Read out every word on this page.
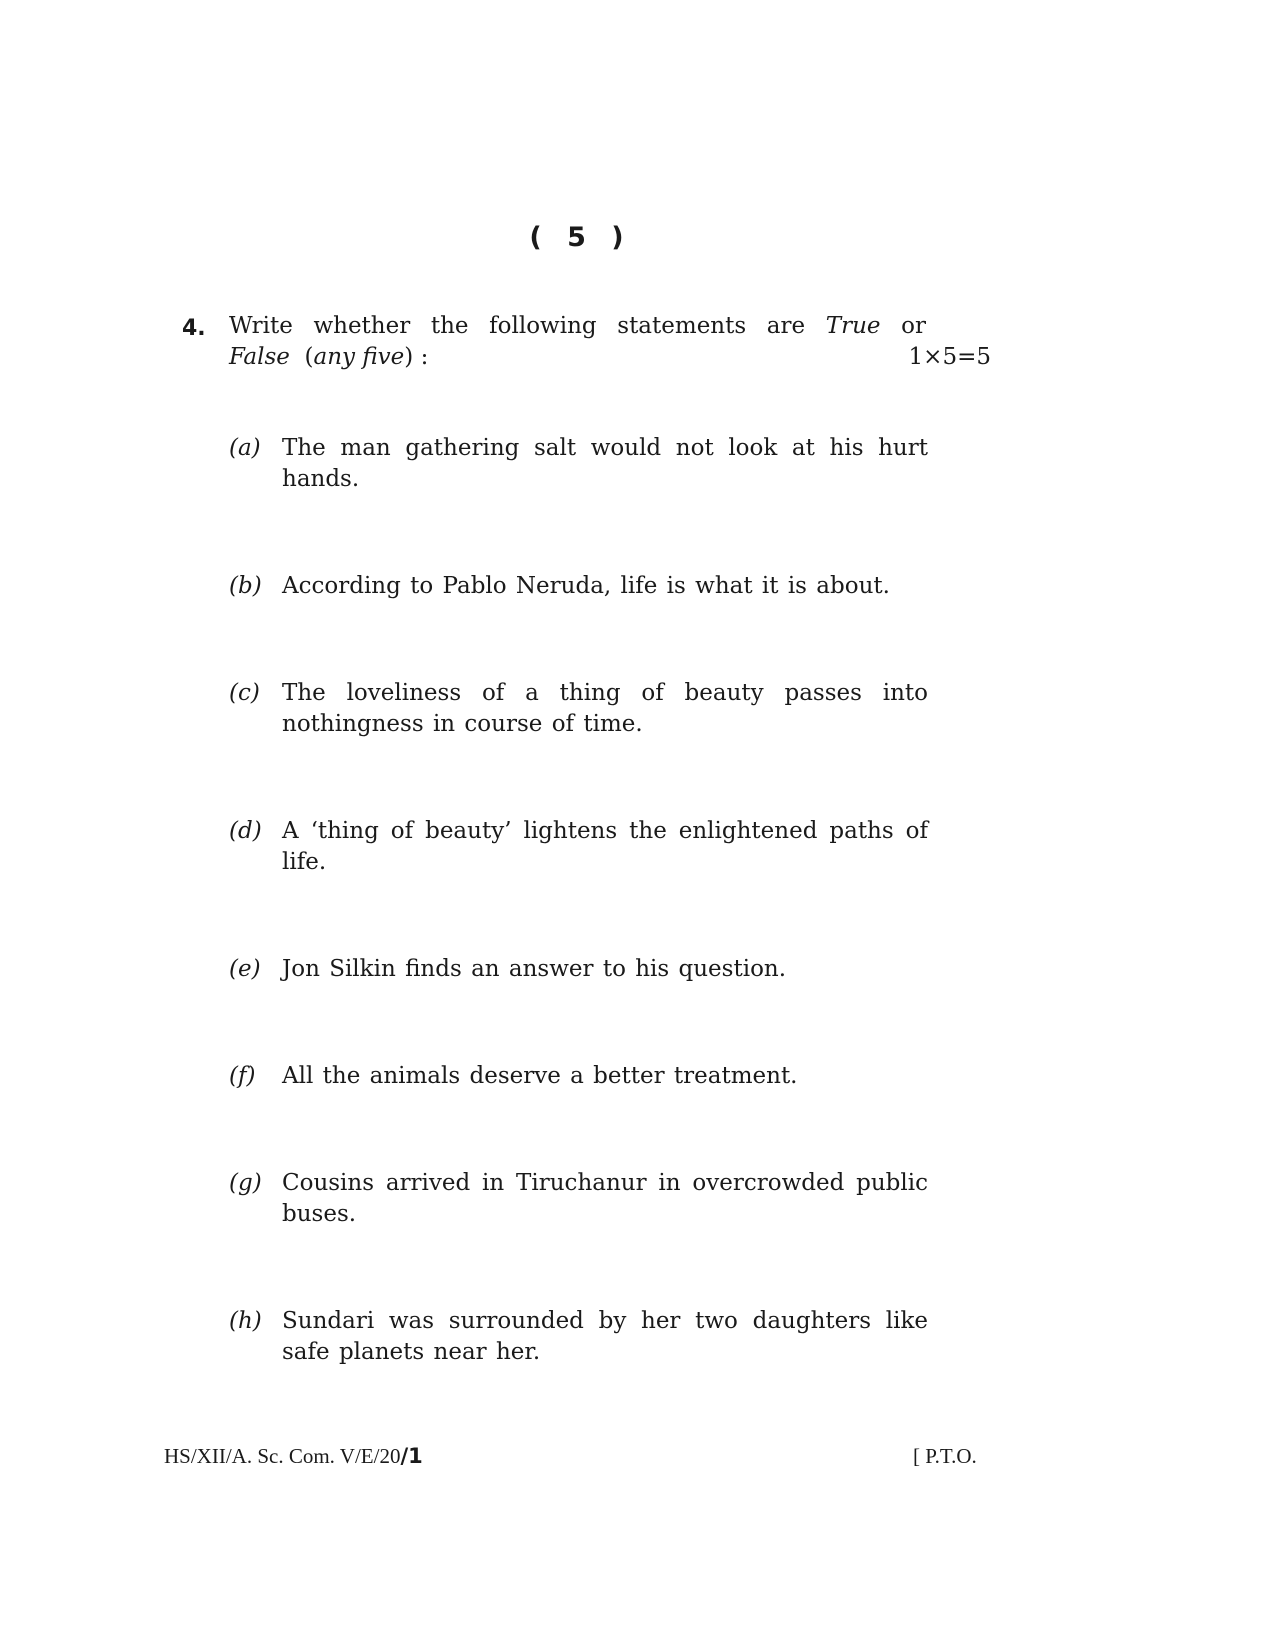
( 5 )
4. Write whether the following statements are True or
False (any five) :	1×5=5
(a) The man gathering salt would not look at his hurt hands.
(b) According to Pablo Neruda, life is what it is about.
(c) The loveliness of a thing of beauty passes into nothingness in course of time.
(d) A ‘thing of beauty’ lightens the enlightened paths of life.
(e) Jon Silkin finds an answer to his question.
(f) All the animals deserve a better treatment.
(g) Cousins arrived in Tiruchanur in overcrowded public buses.
(h) Sundari was surrounded by her two daughters like safe planets near her.
HS/XII/A. Sc. Com. V/E/20/1	[ P.T.O.
